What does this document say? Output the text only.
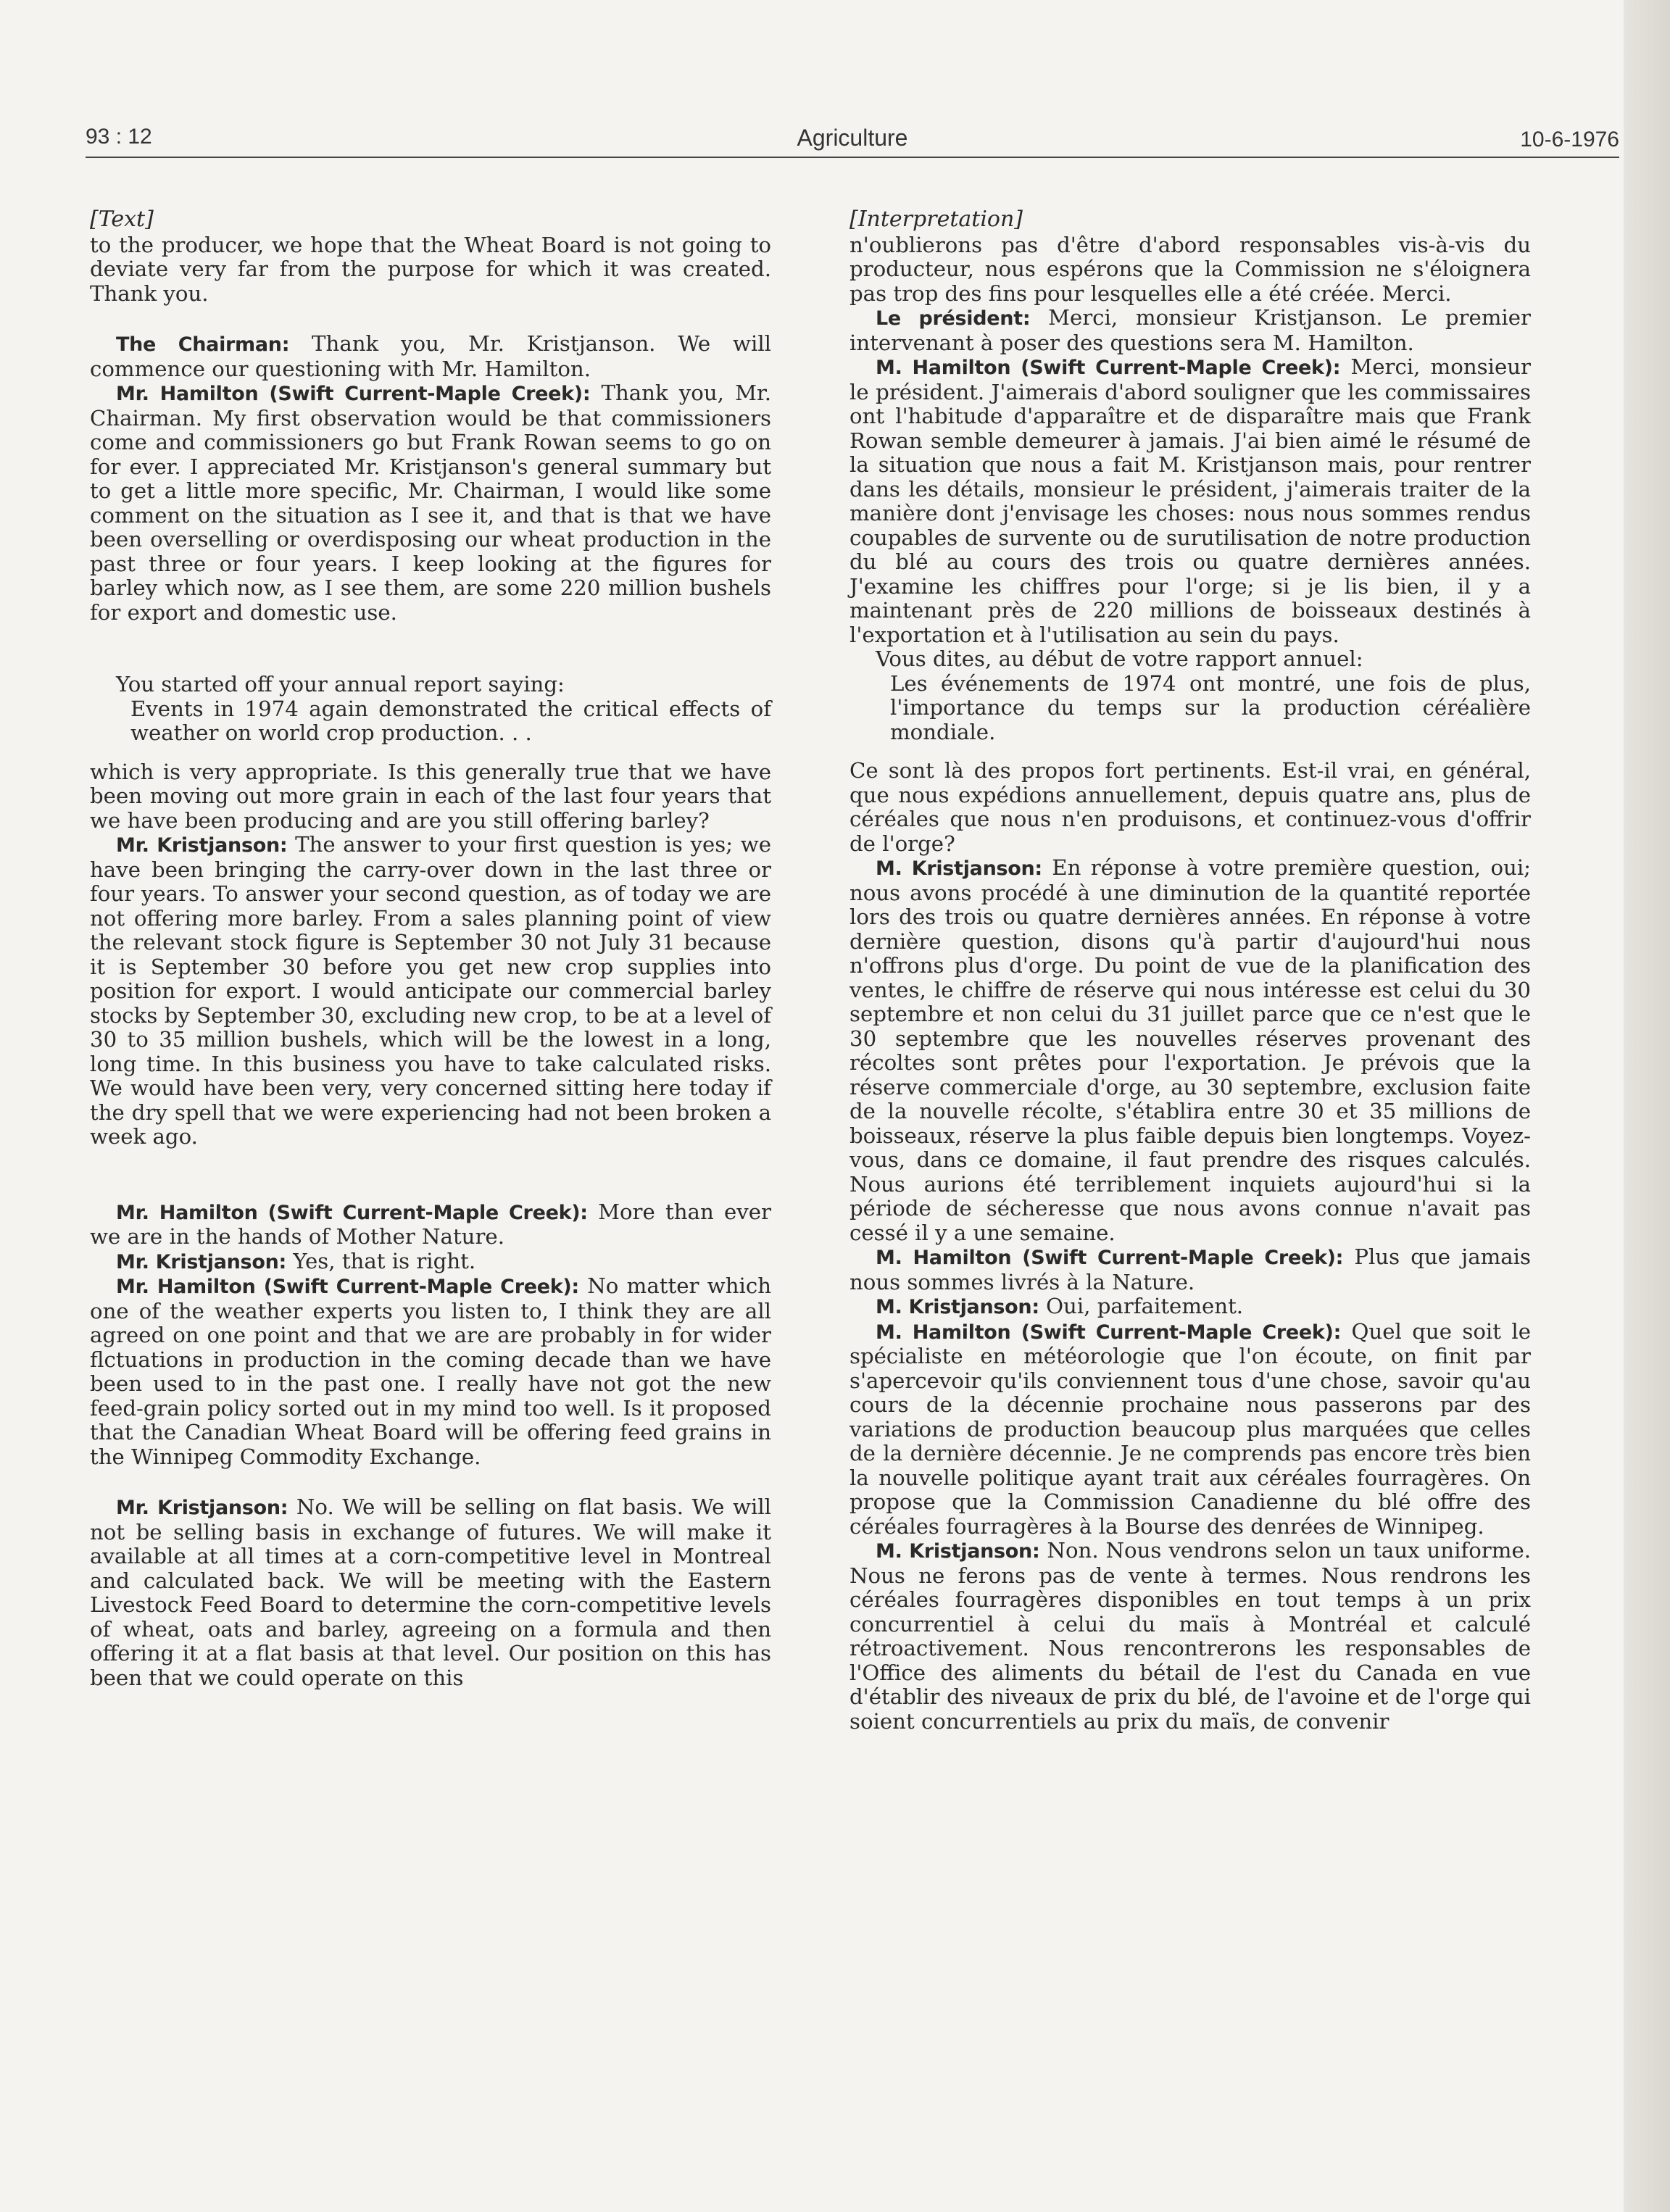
93 : 12	Agriculture	10-6-1976

[Text]

to the producer, we hope that the Wheat Board is not going to deviate very far from the purpose for which it was created. Thank you.

The Chairman: Thank you, Mr. Kristjanson. We will commence our questioning with Mr. Hamilton.

Mr. Hamilton (Swift Current-Maple Creek): Thank you, Mr. Chairman. My first observation would be that commissioners come and commissioners go but Frank Rowan seems to go on for ever. I appreciated Mr. Kristjanson's general summary but to get a little more specific, Mr. Chairman, I would like some comment on the situation as I see it, and that is that we have been overselling or overdisposing our wheat production in the past three or four years. I keep looking at the figures for barley which now, as I see them, are some 220 million bushels for export and domestic use.

You started off your annual report saying:

Events in 1974 again demonstrated the critical effects of weather on world crop production. . .

which is very appropriate. Is this generally true that we have been moving out more grain in each of the last four years that we have been producing and are you still offering barley?

Mr. Kristjanson: The answer to your first question is yes; we have been bringing the carry-over down in the last three or four years. To answer your second question, as of today we are not offering more barley. From a sales planning point of view the relevant stock figure is September 30 not July 31 because it is September 30 before you get new crop supplies into position for export. I would anticipate our commercial barley stocks by September 30, excluding new crop, to be at a level of 30 to 35 million bushels, which will be the lowest in a long, long time. In this business you have to take calculated risks. We would have been very, very concerned sitting here today if the dry spell that we were experiencing had not been broken a week ago.

Mr. Hamilton (Swift Current-Maple Creek): More than ever we are in the hands of Mother Nature.

Mr. Kristjanson: Yes, that is right.

Mr. Hamilton (Swift Current-Maple Creek): No matter which one of the weather experts you listen to, I think they are all agreed on one point and that we are are probably in for wider flctuations in production in the coming decade than we have been used to in the past one. I really have not got the new feed-grain policy sorted out in my mind too well. Is it proposed that the Canadian Wheat Board will be offering feed grains in the Winnipeg Commodity Exchange.

Mr. Kristjanson: No. We will be selling on flat basis. We will not be selling basis in exchange of futures. We will make it available at all times at a corn-competitive level in Montreal and calculated back. We will be meeting with the Eastern Livestock Feed Board to determine the corn-competitive levels of wheat, oats and barley, agreeing on a formula and then offering it at a flat basis at that level. Our position on this has been that we could operate on this

[Interpretation]

n'oublierons pas d'être d'abord responsables vis-à-vis du producteur, nous espérons que la Commission ne s'éloignera pas trop des fins pour lesquelles elle a été créée. Merci.

Le président: Merci, monsieur Kristjanson. Le premier intervenant à poser des questions sera M. Hamilton.

M. Hamilton (Swift Current-Maple Creek): Merci, monsieur le président. J'aimerais d'abord souligner que les commissaires ont l'habitude d'apparaître et de disparaître mais que Frank Rowan semble demeurer à jamais. J'ai bien aimé le résumé de la situation que nous a fait M. Kristjanson mais, pour rentrer dans les détails, monsieur le président, j'aimerais traiter de la manière dont j'envisage les choses: nous nous sommes rendus coupables de survente ou de surutilisation de notre production du blé au cours des trois ou quatre dernières années. J'examine les chiffres pour l'orge; si je lis bien, il y a maintenant près de 220 millions de boisseaux destinés à l'exportation et à l'utilisation au sein du pays.

Vous dites, au début de votre rapport annuel:

Les événements de 1974 ont montré, une fois de plus, l'importance du temps sur la production céréalière mondiale.

Ce sont là des propos fort pertinents. Est-il vrai, en général, que nous expédions annuellement, depuis quatre ans, plus de céréales que nous n'en produisons, et continuez-vous d'offrir de l'orge?

M. Kristjanson: En réponse à votre première question, oui; nous avons procédé à une diminution de la quantité reportée lors des trois ou quatre dernières années. En réponse à votre dernière question, disons qu'à partir d'aujourd'hui nous n'offrons plus d'orge. Du point de vue de la planification des ventes, le chiffre de réserve qui nous intéresse est celui du 30 septembre et non celui du 31 juillet parce que ce n'est que le 30 septembre que les nouvelles réserves provenant des récoltes sont prêtes pour l'exportation. Je prévois que la réserve commerciale d'orge, au 30 septembre, exclusion faite de la nouvelle récolte, s'établira entre 30 et 35 millions de boisseaux, réserve la plus faible depuis bien longtemps. Voyez-vous, dans ce domaine, il faut prendre des risques calculés. Nous aurions été terriblement inquiets aujourd'hui si la période de sécheresse que nous avons connue n'avait pas cessé il y a une semaine.

M. Hamilton (Swift Current-Maple Creek): Plus que jamais nous sommes livrés à la Nature.

M. Kristjanson: Oui, parfaitement.

M. Hamilton (Swift Current-Maple Creek): Quel que soit le spécialiste en météorologie que l'on écoute, on finit par s'apercevoir qu'ils conviennent tous d'une chose, savoir qu'au cours de la décennie prochaine nous passerons par des variations de production beaucoup plus marquées que celles de la dernière décennie. Je ne comprends pas encore très bien la nouvelle politique ayant trait aux céréales fourragères. On propose que la Commission Canadienne du blé offre des céréales fourragères à la Bourse des denrées de Winnipeg.

M. Kristjanson: Non. Nous vendrons selon un taux uniforme. Nous ne ferons pas de vente à termes. Nous rendrons les céréales fourragères disponibles en tout temps à un prix concurrentiel à celui du maïs à Montréal et calculé rétroactivement. Nous rencontrerons les responsables de l'Office des aliments du bétail de l'est du Canada en vue d'établir des niveaux de prix du blé, de l'avoine et de l'orge qui soient concurrentiels au prix du maïs, de convenir
